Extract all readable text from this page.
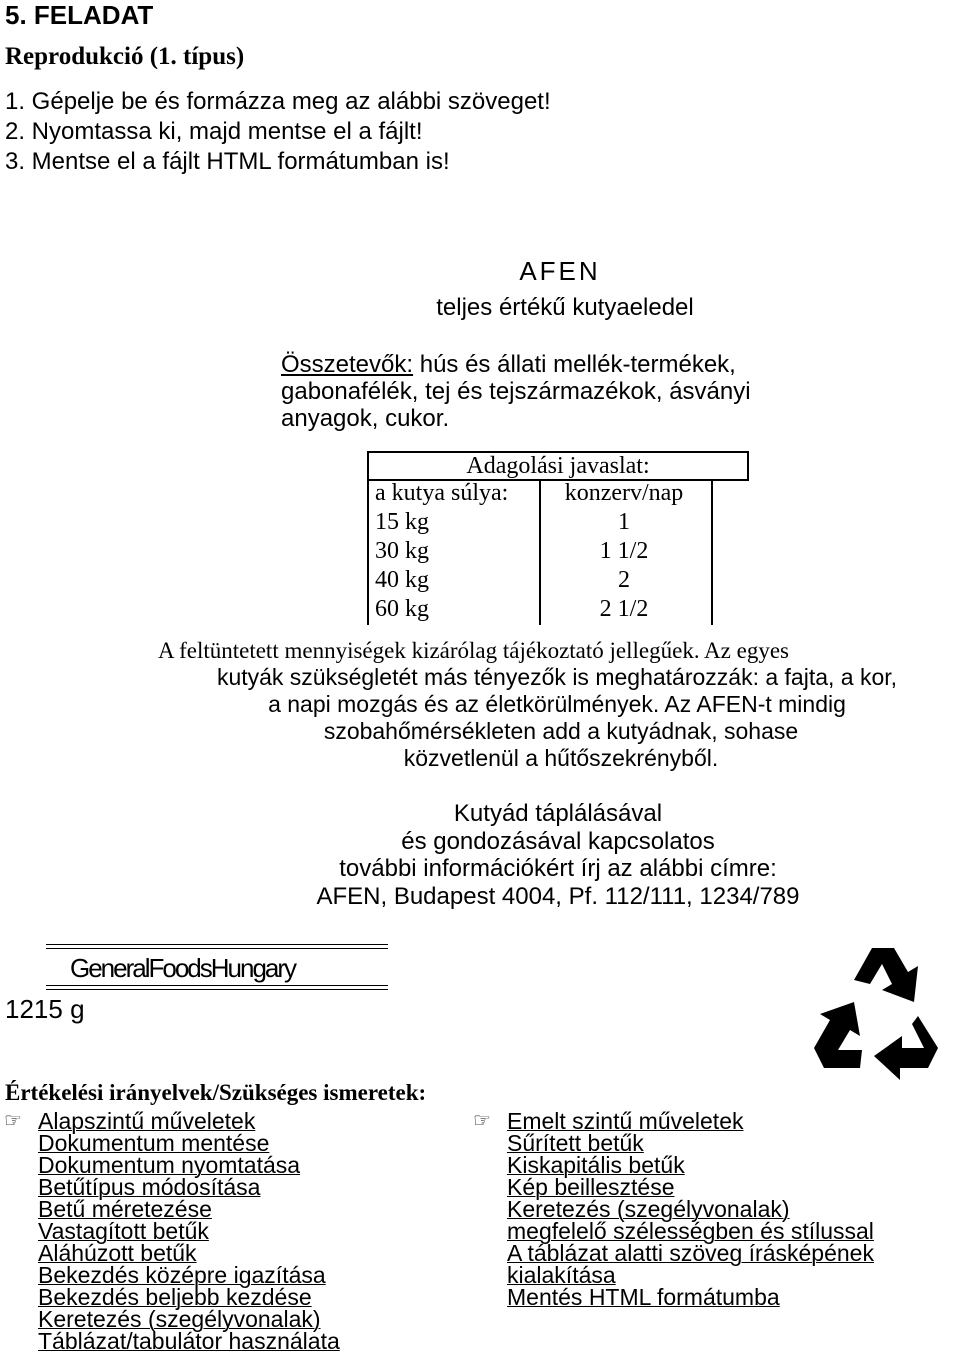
5. FELADAT
Reprodukció (1. típus)
1. Gépelje be és formázza meg az alábbi szöveget!
2. Nyomtassa ki, majd mentse el a fájlt!
3. Mentse el a fájlt HTML formátumban is!
AFEN
teljes értékű kutyaeledel
Összetevők: hús és állati mellék-termékek, gabonafélék, tej és tejszármazékok, ásványi anyagok, cukor.
Adagolási javaslat:
a kutya súlya:
15 kg
30 kg
40 kg
60 kg
konzerv/nap
1
1 1/2
2
2 1/2
A feltüntetett mennyiségek kizárólag tájékoztató jellegűek. Az egyes
kutyák szükségletét más tényezők is meghatározzák: a fajta, a kor,
a napi mozgás és az életkörülmények. Az AFEN-t mindig
szobahőmérsékleten add a kutyádnak, sohase
közvetlenül a hűtőszekrényből.
Kutyád táplálásával
és gondozásával kapcsolatos
további információkért írj az alábbi címre:
AFEN, Budapest 4004, Pf. 112/111, 1234/789
GeneralFoodsHungary
1215 g
Értékelési irányelvek/Szükséges ismeretek:
☞ Alapszintű műveletek
Dokumentum mentése
Dokumentum nyomtatása
Betűtípus módosítása
Betű méretezése
Vastagított betűk
Aláhúzott betűk
Bekezdés középre igazítása
Bekezdés beljebb kezdése
Keretezés (szegélyvonalak)
Táblázat/tabulátor használata
☞ Emelt szintű műveletek
Sűrített betűk
Kiskapitális betűk
Kép beillesztése
Keretezés (szegélyvonalak)
megfelelő szélességben és stílussal
A táblázat alatti szöveg írásképének
kialakítása
Mentés HTML formátumba
